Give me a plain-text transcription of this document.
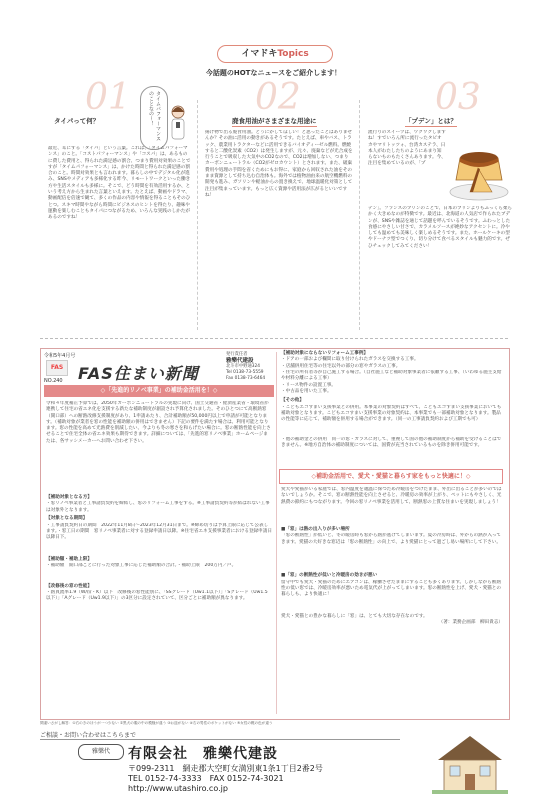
イマドキTopics
今話題のHOTなニュースをご紹介します！
01
タイパって何？	タイムパフォーマンスのことなの～！
最近、耳にする「タイパ」という言葉。これは、「タイムパフォーマンス」のこと。「コストパフォーマンス」や「コスパ」は、あるものに費した費用と、得られた満足感の割合、つまり費用対効果のことですが「タイムパフォーマンス」は、かけた時間と得られた満足感の割合のこと。時間対効果とも言われます。暮らしの中でデジタル化が進み、SNSやメディアも多様化する昨今、リモートワークといった働き方や生活スタイルも多様に。そこで、どう時間を有効活用するか、という考え方から生まれた言葉といえます。たとえば、動画やドラマ、動画配信を倍速で観て、多くの作品の内容や情報を得ることもそのひとつ。スキマ時間やながら時間にビジネスのヒントを得たり、趣味や運動を楽しむこともタイパにつながるため、いろんな実践のしかたがあるのですね！
02
廃食用油がさまざまな用途に
揚げ物で出る廃食用油。どうにかしてほしい！と思ったことはありませんか？その油に活用の動きがあるそうです。たとえば、車やバス、トラック、農業用トラクターなどに活用できるバイオディーゼル燃料。燃焼すると二酸化炭素（CO2）は発生しますが、元々、廃棄などが光合成を行うことで吸収した大気中のCO2なので、CO2は増加しない、つまりカーボンニュートラル（CO2がゼロカウント）とされます。また、破棄費用や処理の手間を省くためにもお得に、家庭から回収された油をそのまま資源として持ち込む自治体も。海外では植物油由来の航空機燃料の開発も進み、ガソリンや軽油からの置き換えで、地球温暖化対策として注目が集まっています。もっと広く資源や活用法が広がるといいですね！
03
「プデン」とは？
流行りのスイーツは、ワクワクしますね！すでいろん所に流行ったタピオカやマリトッツォ、台湾カステラ、日本人がわたしたちのようにあまり知らないものもたくさんあります。今、注目を集めているのが、「プ
デン」。フランスのプリンのことで、日本のプリンよりもふっくら柔らかく大きめなのが特徴です。最近は、北海道の人気店で作られたブデンが、SNSや雑誌を通じて話題を呼んでいるそうです。ふわっとした食感にやさしい甘さで、カラメルソースが絶妙なアクセントに。冷やしても温めても美味しく楽しめるそうです。また、ホールケーキの型やドーナツ型でつくり、切り分けて食べるスタイルも魅力的です。ぜひチェックしてみてください！
令和5年4月号
FAS
NO.240 FAS住まい新聞
発行責任者
雅樂代建設
北斗市中野通324
Tel 0138-73-5559
Fax 0138-73-6464
◇「先進的リノベ事業」の補助金活用を！◇
令和４年度補正予算では、2050年カーボンニュートラルの実現に向け、国土交通省・経済産業省・環境省が連携して住宅の省エネ化を支援する新たな補助制度が創設され予算化されました。そのひとつにて高断熱窓（開口部）への断熱改修支援制度があり、1申請あたり、合計補助額が50,000円以上で申請が可能となります。（補助対象が業者を窓の性能を補助額の併用はできません）下記の要件を満たす場合は、利用可能となります。窓の性能を高めて光熱費を削減したい、今よりも冬の寒さを和らげたい場合に。窓の断熱性能を向上させることで住宅全体の省エネ効果も期待できます。詳細については、「先進的窓リノベ事業」ホームページまたは、各サッシメーカーへお問い合わせ下さい。
【補助対象となる方】
・窓リノベ事業者と工事請負契約を締結し、窓のリフォーム工事をする。※工事請負契約等が結ばれない工事は対象外となります。
【対象となる期間】
・工事請負契約日の期間　2022年11月8日〜2023年12月31日まで。※締め切りは予算上限に応じて公表します。・窓工日の期間　窓リノベ事業者に対する登録申請日以降。※住宅省エネ支援事業者における登録申請日以降日下。
【補助額・補助上限】
・補助額　開口部ごとに行った対象工事に応じた補助額の合計。・補助上限　200万円／戸。
【改修後の窓の性能】
・熱貫流率1.9（W/㎡・K）以下　改修後の窓性能別に、「SSグレード（Uw1.1以下）」「Sグレード（Uw1.5以下）」「Aグレード（Uw1.9以下）」の3区分に設定されていて、区分ごとに補助額が異なります。
【補助対象にならないリフォーム工事例】
・ドアの一部および欄間に取り付けられたガラスを交換する工事。
・店舗併用住宅等の住宅以外の部分の窓やガラスの工事。
・住宅の所有者等が自己施工する場合。（自社施工など補助対象事業者に依頼する工事、（いわゆる施主支給や材料分離による工事）
・リース物件の設置工事。
・中古品を用いた工事。
【その他】
・こどもエコすまい支援事業との併用。本事業の対象契約はすべて、こどもエコすまい支援事業においても補助対象となります。こどもエコすまい支援事業の対象契約は、本事業でも一部補助対象となります。製品の性能等に応じて、補助額を併用する場合ができます。（同一の工事請負契約および工期でも可）
・他の補助金との併用　同一の窓・ガラスに対して、重複して国の他の補助制度から補助を受けることはできません。※地方自治体の補助制度については、国費が充当されているものを除き併用可能です。
◇補助金活用で、愛犬・愛猫と暮らす家をもっと快適に！◇
愛犬や愛猫がいる家庭では、窓内温度を適温に保つため冷暖房をつけたまま、外出に出ることが多いのではないでしょうか。そこで、窓の断熱性能を向上させると、冷暖房の効率が上がり、ペットにもやさしく、光熱費の節約にもつながります。今回の窓リノベ事業を活用して、断熱窓の上質な住まいを実現しましょう！
■「窓」は熱の出入りが多い場所
「窓の断熱性」が低いと、冬の暖房時も窓から熱が逃げてしまいます。夏の冷房時は、外からの熱が入ってきます。愛猫の大好きな窓辺は「窓の断熱性」の向上で、より愛猫にとって過ごし易い場所にして下さい。
■「窓」の断熱性が低いと冷暖房の効きが悪い
留守中でも愛犬・愛猫のためにエアコンは、稼働させたままにすることも多くあります。しかしながら断熱性の低い窓では、冷暖房効率が悪いため電気代が上がってしまいます。窓の断熱性を上げ、愛犬・愛猫との暮らしも、より快適に！
愛犬・愛猫との豊かな暮らしに「窓」は、とても大切な存在なのです。
（著：業務企画部　柳田貴志）
間違いさがし解答：①右のきのほうが一つ少ない ②黒犬の服の中の模様が違う ③お皿がない ④右の男性のポケットがない ⑤女性の靴の色が違う
ご相談・お問い合わせはこちらまで
雅樂代	有限会社　雅樂代建設
〒099-2311　網走郡大空町女満別東1条1丁目2番2号
TEL 0152-74-3333　FAX 0152-74-3021
http://www.utashiro.co.jp
